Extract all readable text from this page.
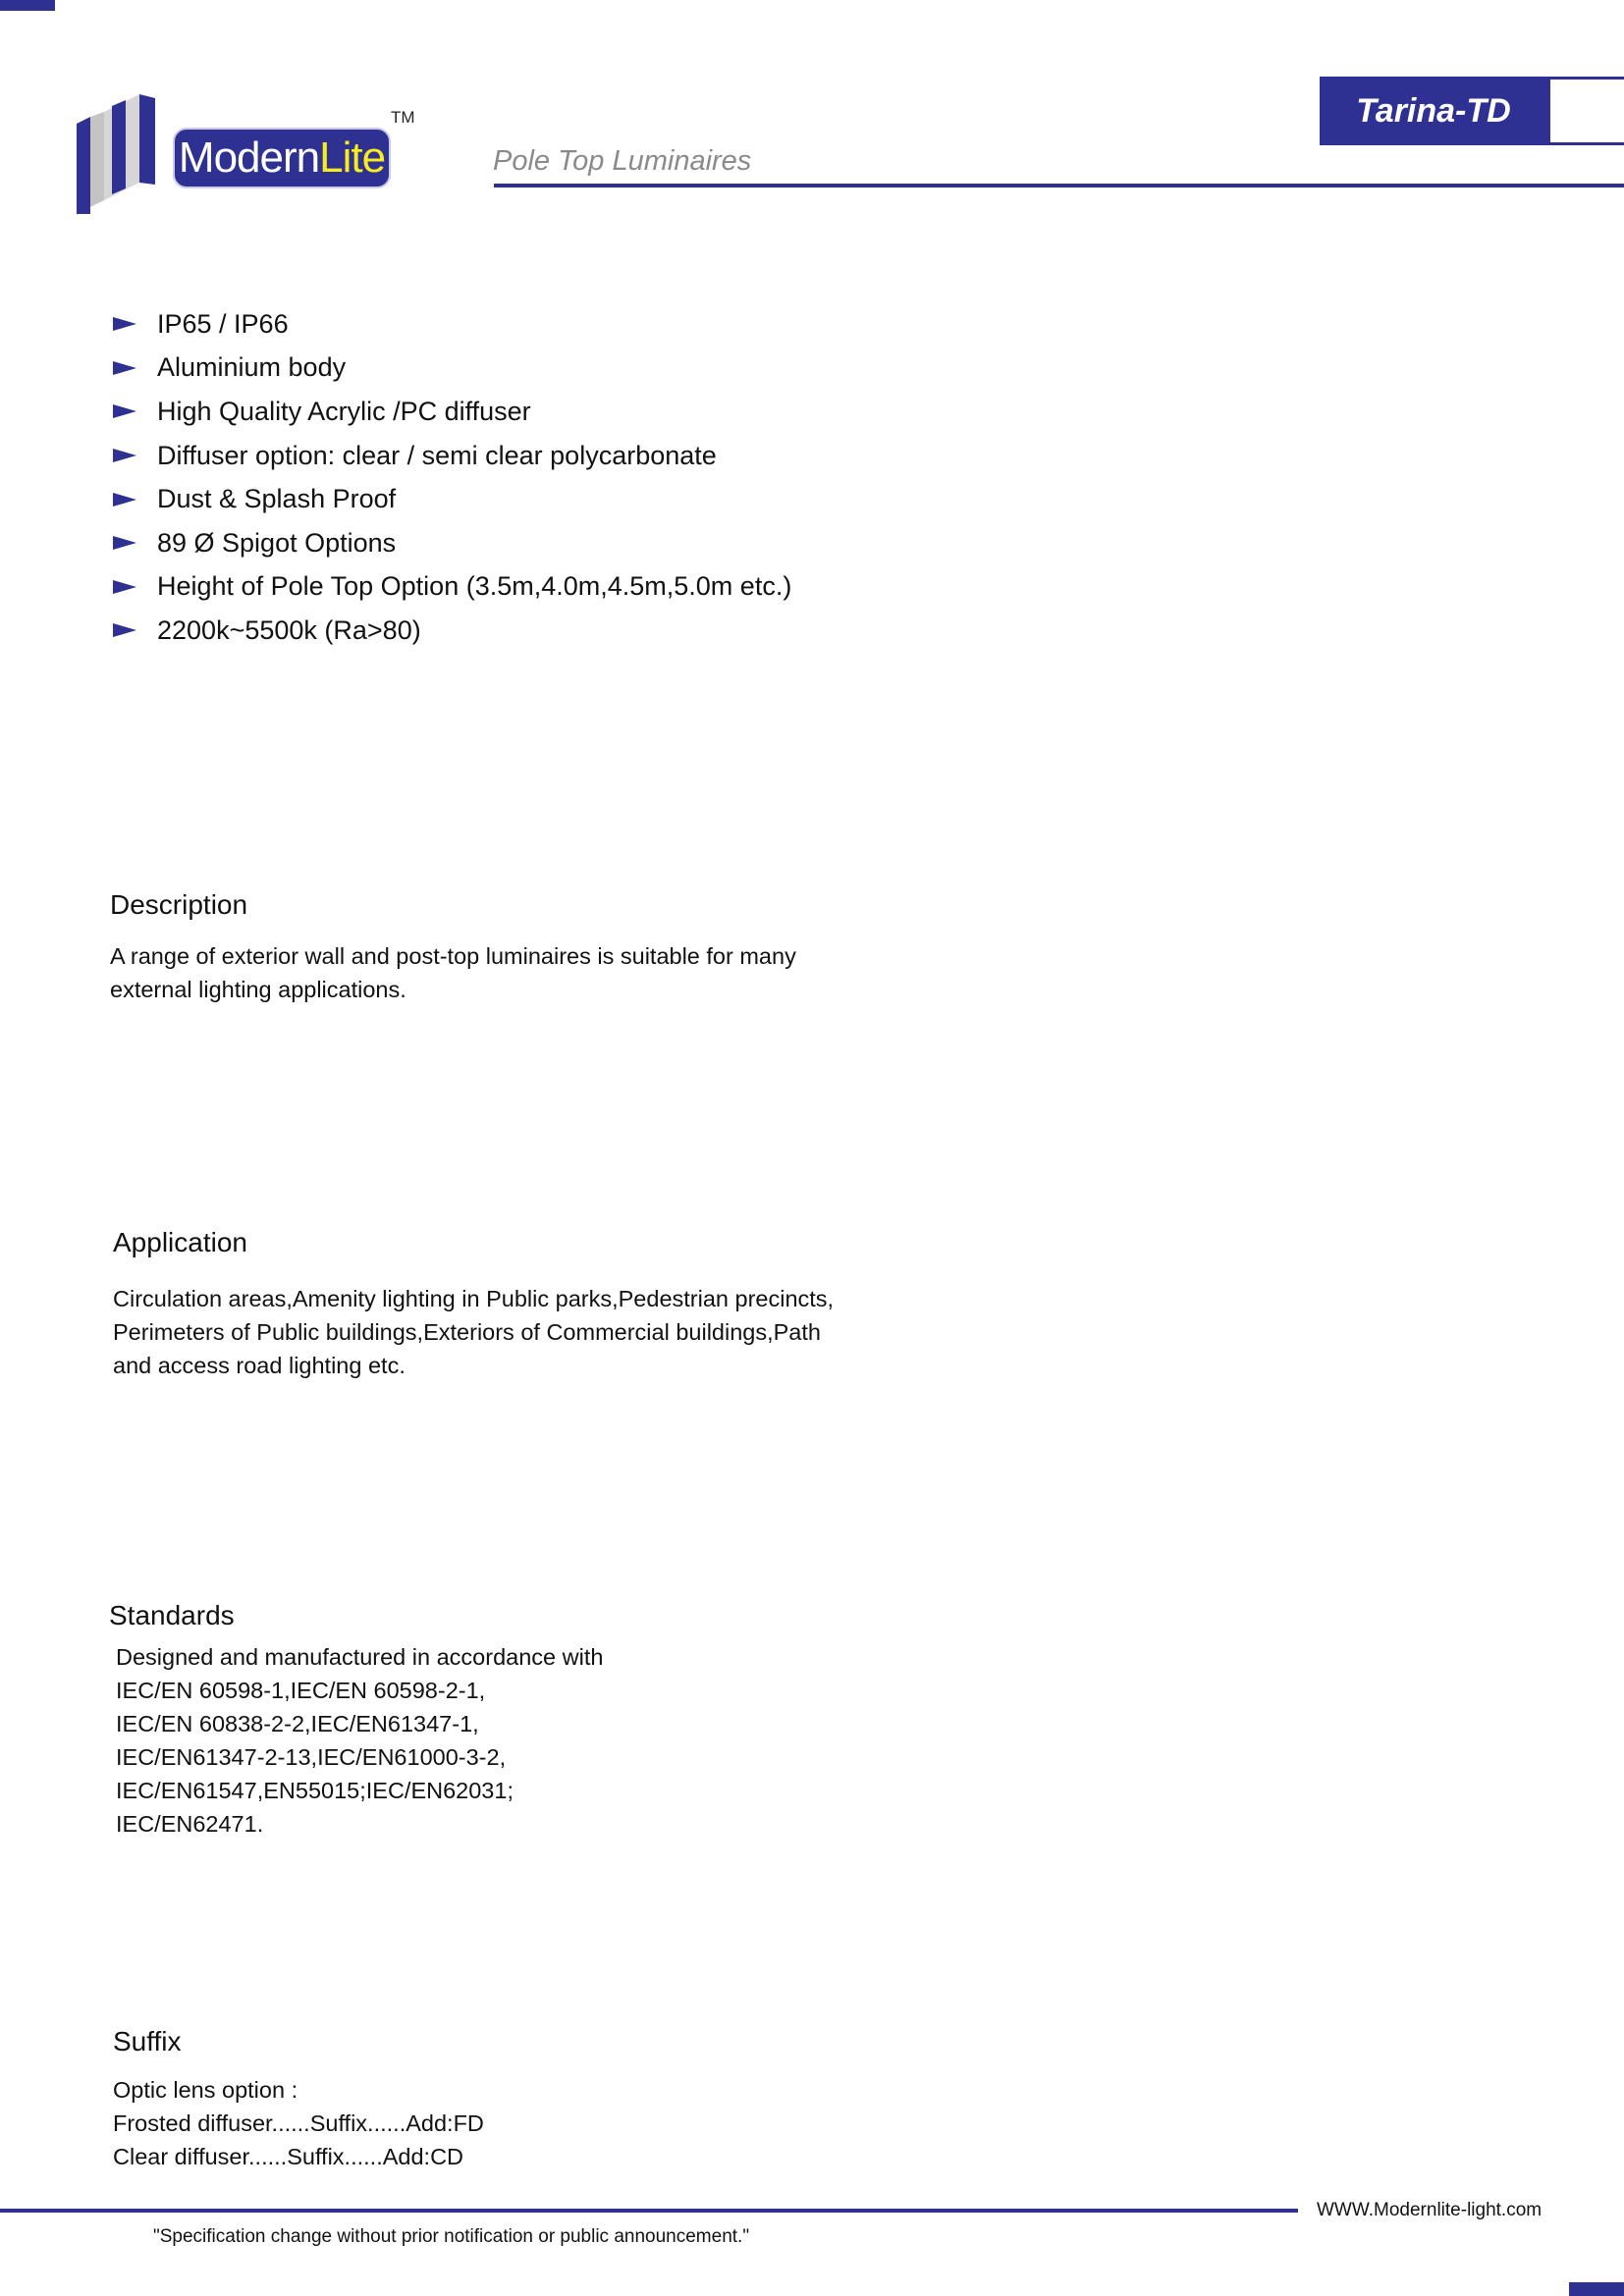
ModernLite
TM
Pole Top Luminaires
Tarina-TD
IP65 / IP66
Aluminium body
High Quality Acrylic /PC diffuser
Diffuser option: clear / semi clear polycarbonate
Dust & Splash Proof
89 Ø Spigot Options
Height of Pole Top Option (3.5m,4.0m,4.5m,5.0m etc.)
2200k~5500k (Ra>80)
Description
A range of exterior wall and post-top luminaires is suitable for many
external lighting applications.
Application
Circulation areas,Amenity lighting in Public parks,Pedestrian precincts,
Perimeters of Public buildings,Exteriors of Commercial buildings,Path
and access road lighting etc.
Standards
Designed and manufactured in accordance with
IEC/EN 60598-1,IEC/EN 60598-2-1,
IEC/EN 60838-2-2,IEC/EN61347-1,
IEC/EN61347-2-13,IEC/EN61000-3-2,
IEC/EN61547,EN55015;IEC/EN62031;
IEC/EN62471.
Suffix
Optic lens option :
Frosted diffuser......Suffix......Add:FD
Clear diffuser......Suffix......Add:CD
WWW.Modernlite-light.com
"Specification change without prior notification or public announcement."
